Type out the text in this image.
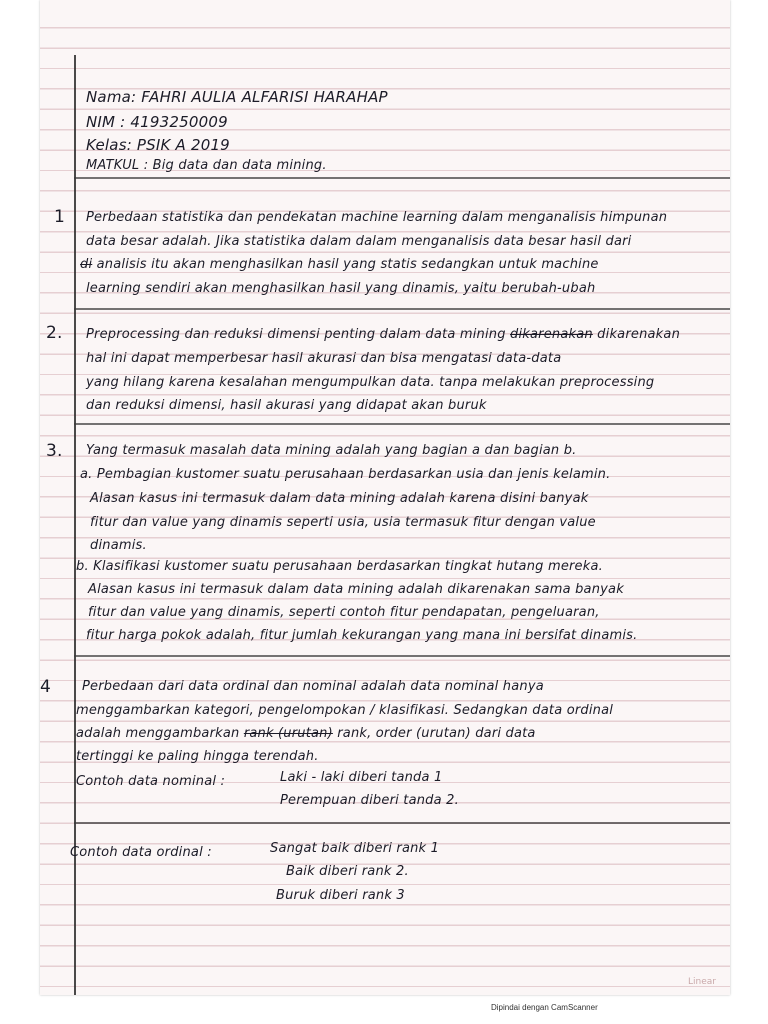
Nama: FAHRI AULIA ALFARISI HARAHAP

NIM : 4193250009

Kelas: PSIK A 2019

MATKUL : Big data dan data mining.

1 Perbedaan statistika dan pendekatan machine learning dalam menganalisis himpunan

data besar adalah. Jika statistika dalam dalam menganalisis data besar hasil dari

di analisis itu akan menghasilkan hasil yang statis sedangkan untuk machine

learning sendiri akan menghasilkan hasil yang dinamis, yaitu berubah-ubah

2. Preprocessing dan reduksi dimensi penting dalam data mining dikarenakan dikarenakan

hal ini dapat memperbesar hasil akurasi dan bisa mengatasi data-data

yang hilang karena kesalahan mengumpulkan data. tanpa melakukan preprocessing

dan reduksi dimensi, hasil akurasi yang didapat akan buruk

3. Yang termasuk masalah data mining adalah yang bagian a dan bagian b.

a. Pembagian kustomer suatu perusahaan berdasarkan usia dan jenis kelamin.

Alasan kasus ini termasuk dalam data mining adalah karena disini banyak

fitur dan value yang dinamis seperti usia, usia termasuk fitur dengan value

dinamis.

b. Klasifikasi kustomer suatu perusahaan berdasarkan tingkat hutang mereka.

Alasan kasus ini termasuk dalam data mining adalah dikarenakan sama banyak

fitur dan value yang dinamis, seperti contoh fitur pendapatan, pengeluaran,

fitur harga pokok adalah, fitur jumlah kekurangan yang mana ini bersifat dinamis.

4 Perbedaan dari data ordinal dan nominal adalah data nominal hanya

menggambarkan kategori, pengelompokan / klasifikasi. Sedangkan data ordinal

adalah menggambarkan rank (urutan) rank, order (urutan) dari data

tertinggi ke paling hingga terendah.

Contoh data nominal :	Laki - laki diberi tanda 1

Perempuan diberi tanda 2.

Contoh data ordinal :	Sangat baik diberi rank 1

Baik diberi rank 2.

Buruk diberi rank 3

Linear

Dipindai dengan CamScanner
